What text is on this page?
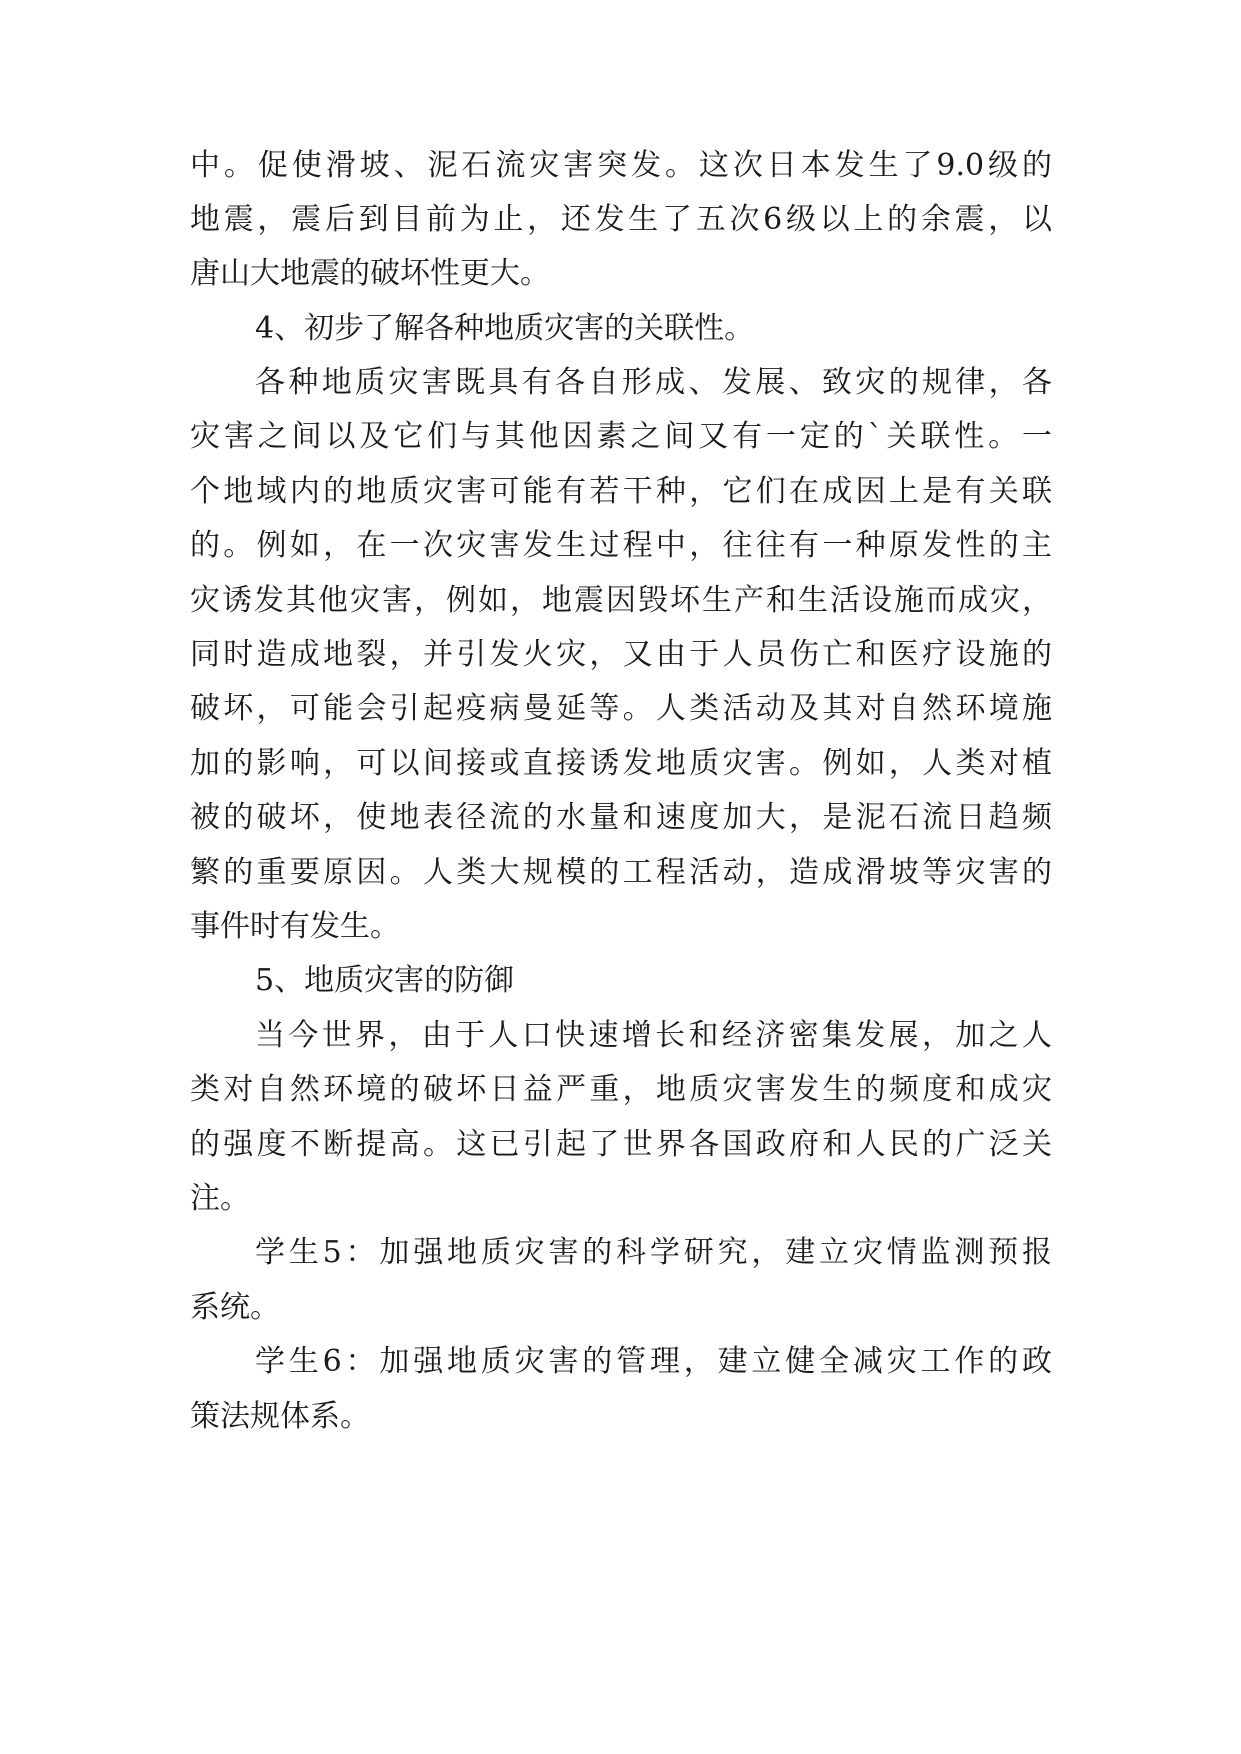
中。促使滑坡、泥石流灾害突发。这次日本发生了9.0级的
地震，震后到目前为止，还发生了五次6级以上的余震，以
唐山大地震的破坏性更大。
4、初步了解各种地质灾害的关联性。
各种地质灾害既具有各自形成、发展、致灾的规律，各
灾害之间以及它们与其他因素之间又有一定的`关联性。一
个地域内的地质灾害可能有若干种，它们在成因上是有关联
的。例如，在一次灾害发生过程中，往往有一种原发性的主
灾诱发其他灾害，例如，地震因毁坏生产和生活设施而成灾，
同时造成地裂，并引发火灾，又由于人员伤亡和医疗设施的
破坏，可能会引起疫病曼延等。人类活动及其对自然环境施
加的影响，可以间接或直接诱发地质灾害。例如，人类对植
被的破坏，使地表径流的水量和速度加大，是泥石流日趋频
繁的重要原因。人类大规模的工程活动，造成滑坡等灾害的
事件时有发生。
5、地质灾害的防御
当今世界，由于人口快速增长和经济密集发展，加之人
类对自然环境的破坏日益严重，地质灾害发生的频度和成灾
的强度不断提高。这已引起了世界各国政府和人民的广泛关
注。
学生5：加强地质灾害的科学研究，建立灾情监测预报
系统。
学生6：加强地质灾害的管理，建立健全减灾工作的政
策法规体系。
